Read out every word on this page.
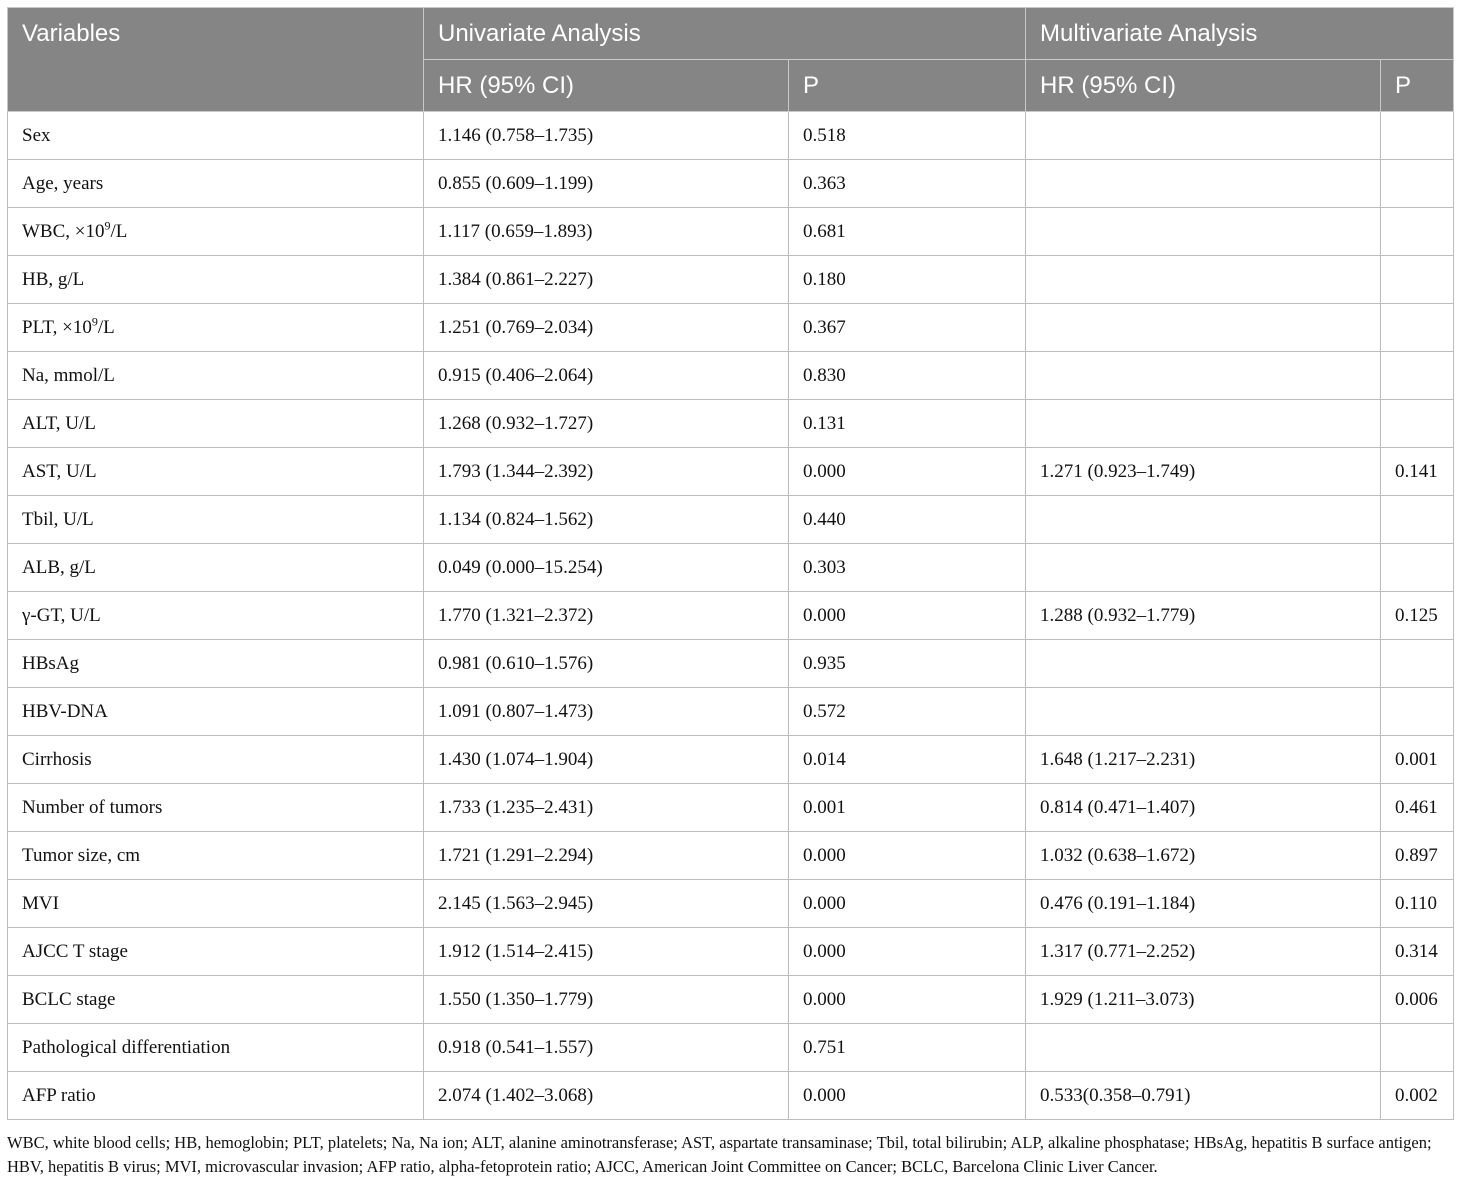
Variables	Univariate Analysis		Multivariate Analysis	
	HR (95% CI)	P	HR (95% CI)	P
Sex	1.146 (0.758–1.735)	0.518		
Age, years	0.855 (0.609–1.199)	0.363		
WBC, $\times 10^9/L$	1.117 (0.659–1.893)	0.681		
HB, g/L	1.384 (0.861–2.227)	0.180		
PLT, $\times 10^9/L$	1.251 (0.769–2.034)	0.367		
Na, mmol/L	0.915 (0.406–2.064)	0.830		
ALT, U/L	1.268 (0.932–1.727)	0.131		
AST, U/L	1.793 (1.344–2.392)	0.000	1.271 (0.923–1.749)	0.141
Tbil, U/L	1.134 (0.824–1.562)	0.440		
ALB, g/L	0.049 (0.000–15.254)	0.303		
γ-GT, U/L	1.770 (1.321–2.372)	0.000	1.288 (0.932–1.779)	0.125
HBsAg	0.981 (0.610–1.576)	0.935		
HBV-DNA	1.091 (0.807–1.473)	0.572		
Cirrhosis	1.430 (1.074–1.904)	0.014	1.648 (1.217–2.231)	0.001
Number of tumors	1.733 (1.235–2.431)	0.001	0.814 (0.471–1.407)	0.461
Tumor size, cm	1.721 (1.291–2.294)	0.000	1.032 (0.638–1.672)	0.897
MVI	2.145 (1.563–2.945)	0.000	0.476 (0.191–1.184)	0.110
AJCC T stage	1.912 (1.514–2.415)	0.000	1.317 (0.771–2.252)	0.314
BCLC stage	1.550 (1.350–1.779)	0.000	1.929 (1.211–3.073)	0.006
Pathological differentiation	0.918 (0.541–1.557)	0.751		
AFP ratio	2.074 (1.402–3.068)	0.000	0.533(0.358–0.791)	0.002
WBC, white blood cells; HB, hemoglobin; PLT, platelets; Na, Na ion; ALT, alanine aminotransferase; AST, aspartate transaminase; Tbil, total bilirubin; ALP, alkaline phosphatase; HBsAg, hepatitis B surface antigen; HBV, hepatitis B virus; MVI, microvascular invasion; AFP ratio, alpha-fetoprotein ratio; AJCC, American Joint Committee on Cancer; BCLC, Barcelona Clinic Liver Cancer.
